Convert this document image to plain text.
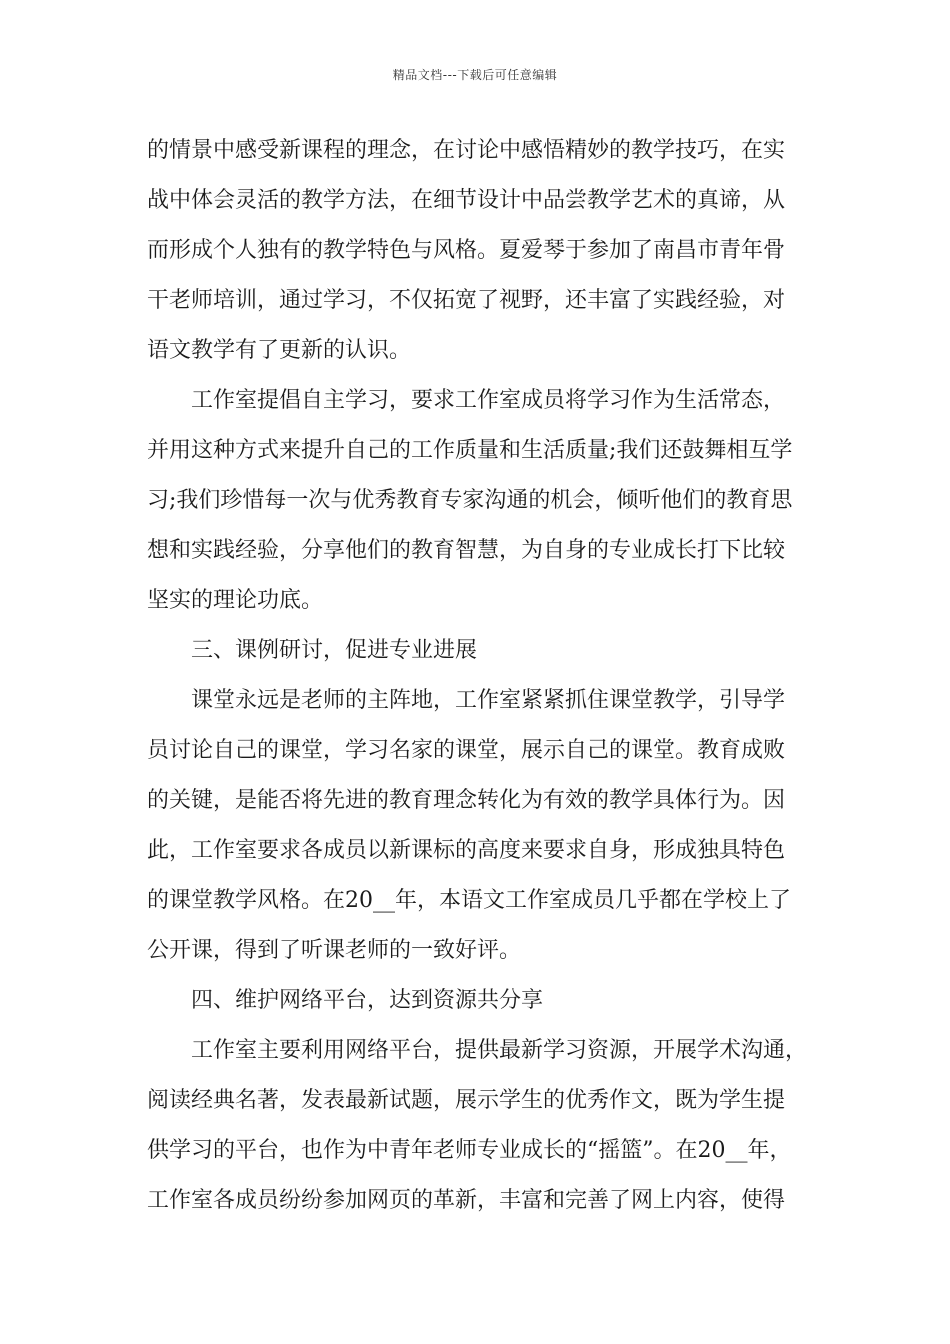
精品文档---下载后可任意编辑
的情景中感受新课程的理念，在讨论中感悟精妙的教学技巧，在实
战中体会灵活的教学方法，在细节设计中品尝教学艺术的真谛，从
而形成个人独有的教学特色与风格。夏爱琴于参加了南昌市青年骨
干老师培训，通过学习，不仅拓宽了视野，还丰富了实践经验，对
语文教学有了更新的认识。
工作室提倡自主学习，要求工作室成员将学习作为生活常态，
并用这种方式来提升自己的工作质量和生活质量;我们还鼓舞相互学
习;我们珍惜每一次与优秀教育专家沟通的机会，倾听他们的教育思
想和实践经验，分享他们的教育智慧，为自身的专业成长打下比较
坚实的理论功底。
三、课例研讨，促进专业进展
课堂永远是老师的主阵地，工作室紧紧抓住课堂教学，引导学
员讨论自己的课堂，学习名家的课堂，展示自己的课堂。教育成败
的关键，是能否将先进的教育理念转化为有效的教学具体行为。因
此，工作室要求各成员以新课标的高度来要求自身，形成独具特色
的课堂教学风格。在20__年，本语文工作室成员几乎都在学校上了
公开课，得到了听课老师的一致好评。
四、维护网络平台，达到资源共分享
工作室主要利用网络平台，提供最新学习资源，开展学术沟通，
阅读经典名著，发表最新试题，展示学生的优秀作文，既为学生提
供学习的平台，也作为中青年老师专业成长的“摇篮”。在20__年，
工作室各成员纷纷参加网页的革新，丰富和完善了网上内容，使得
